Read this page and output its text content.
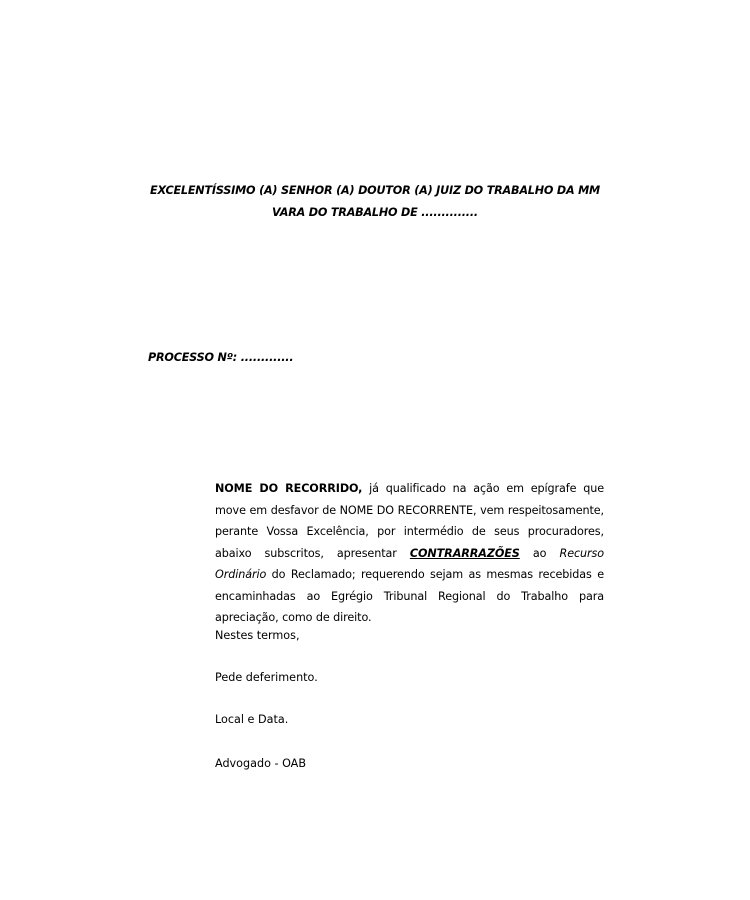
EXCELENTÍSSIMO (A) SENHOR (A) DOUTOR (A) JUIZ DO TRABALHO DA MM
VARA DO TRABALHO DE ..............
PROCESSO Nº: .............
NOME DO RECORRIDO, já qualificado na ação em epígrafe que move em desfavor de NOME DO RECORRENTE, vem respeitosamente, perante Vossa Excelência, por intermédio de seus procuradores, abaixo subscritos, apresentar CONTRARRAZÕES ao Recurso Ordinário do Reclamado; requerendo sejam as mesmas recebidas e encaminhadas ao Egrégio Tribunal Regional do Trabalho para apreciação, como de direito.
Nestes termos,
Pede deferimento.
Local e Data.
Advogado - OAB
